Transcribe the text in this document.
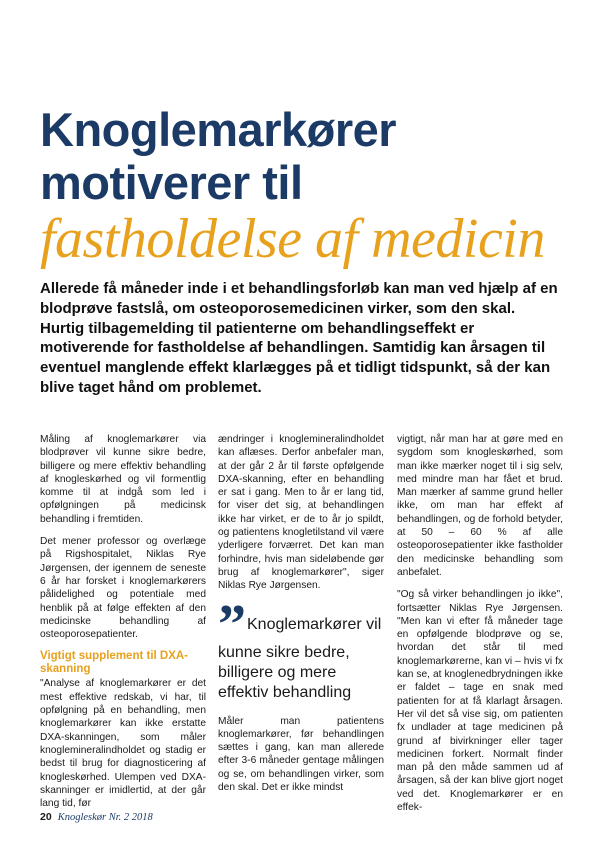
Knoglemarkører
motiverer til
fastholdelse af medicin

Allerede få måneder inde i et behandlingsforløb kan man ved hjælp af en blodprøve fastslå, om osteoporosemedicinen virker, som den skal. Hurtig tilbagemelding til patienterne om behandlingseffekt er motiverende for fastholdelse af behandlingen. Samtidig kan årsagen til eventuel manglende effekt klarlægges på et tidligt tidspunkt, så der kan blive taget hånd om problemet.

Måling af knoglemarkører via blodprøver vil kunne sikre bedre, billigere og mere effektiv behandling af knogleskørhed og vil formentlig komme til at indgå som led i opfølgningen på medicinsk behandling i fremtiden.

Det mener professor og overlæge på Rigshospitalet, Niklas Rye Jørgensen, der igennem de seneste 6 år har forsket i knoglemarkørers pålidelighed og potentiale med henblik på at følge effekten af den medicinske behandling af osteoporosepatienter.

Vigtigt supplement til DXA-skanning

"Analyse af knoglemarkører er det mest effektive redskab, vi har, til opfølgning på en behandling, men knoglemarkører kan ikke erstatte DXA-skanningen, som måler knoglemineralindholdet og stadig er bedst til brug for diagnosticering af knogleskørhed. Ulempen ved DXA-skanninger er imidlertid, at der går lang tid, før

ændringer i knoglemineralindholdet kan aflæses. Derfor anbefaler man, at der går 2 år til første opfølgende DXA-skanning, efter en behandling er sat i gang. Men to år er lang tid, for viser det sig, at behandlingen ikke har virket, er de to år jo spildt, og patientens knogletilstand vil være yderligere forværret. Det kan man forhindre, hvis man sideløbende gør brug af knoglemarkører", siger Niklas Rye Jørgensen.

”Knoglemarkører vil kunne sikre bedre, billigere og mere effektiv behandling

Måler man patientens knoglemarkører, før behandlingen sættes i gang, kan man allerede efter 3-6 måneder gentage målingen og se, om behandlingen virker, som den skal. Det er ikke mindst

vigtigt, når man har at gøre med en sygdom som knogleskørhed, som man ikke mærker noget til i sig selv, med mindre man har fået et brud. Man mærker af samme grund heller ikke, om man har effekt af behandlingen, og de forhold betyder, at 50 – 60 % af alle osteoporosepatienter ikke fastholder den medicinske behandling som anbefalet.

"Og så virker behandlingen jo ikke", fortsætter Niklas Rye Jørgensen. "Men kan vi efter få måneder tage en opfølgende blodprøve og se, hvordan det står til med knoglemarkørerne, kan vi – hvis vi fx kan se, at knoglenedbrydningen ikke er faldet – tage en snak med patienten for at få klarlagt årsagen. Her vil det så vise sig, om patienten fx undlader at tage medicinen på grund af bivirkninger eller tager medicinen forkert. Normalt finder man på den måde sammen ud af årsagen, så der kan blive gjort noget ved det. Knoglemarkører er en effek-

20 Knogleskør Nr. 2 2018
